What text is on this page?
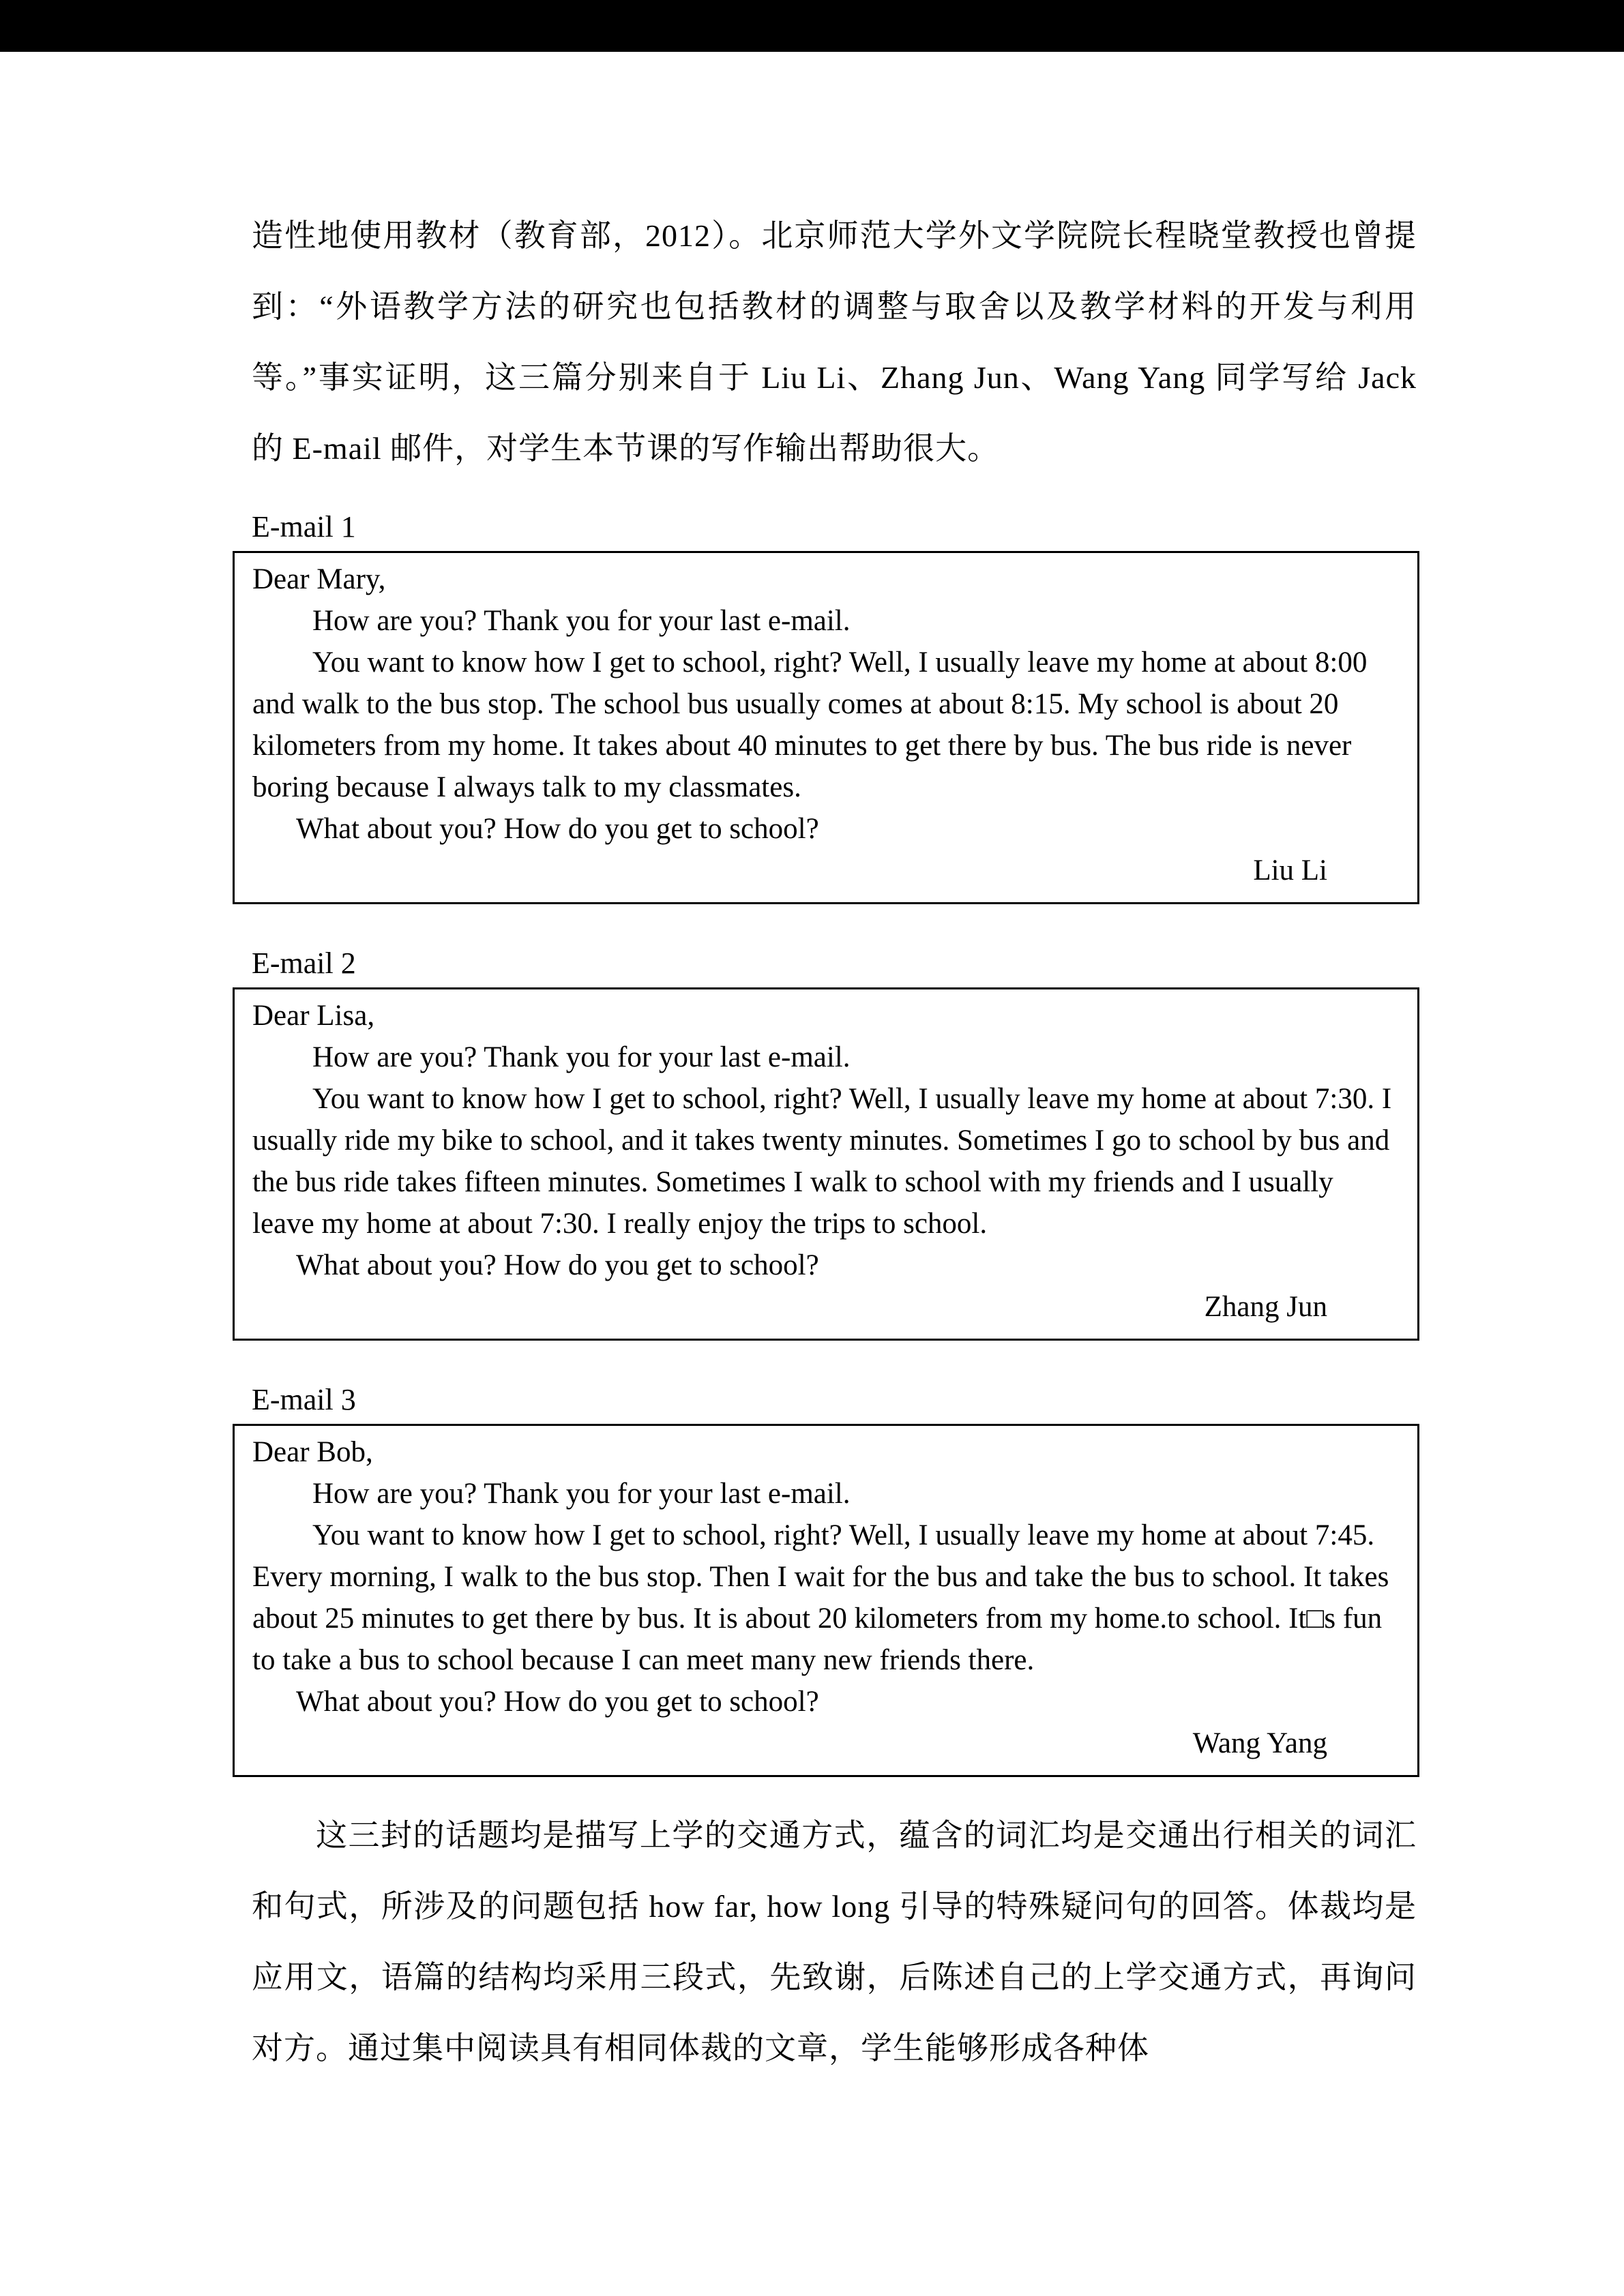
造性地使用教材（教育部，2012）。北京师范大学外文学院院长程晓堂教授也曾提到：“外语教学方法的研究也包括教材的调整与取舍以及教学材料的开发与利用等。”事实证明，这三篇分别来自于 Liu Li、Zhang Jun、Wang Yang 同学写给 Jack 的 E-mail 邮件，对学生本节课的写作输出帮助很大。

E-mail 1

Dear Mary,

How are you? Thank you for your last e-mail.

You want to know how I get to school, right? Well, I usually leave my home at about 8:00 and walk to the bus stop. The school bus usually comes at about 8:15. My school is about 20 kilometers from my home. It takes about 40 minutes to get there by bus. The bus ride is never boring because I always talk to my classmates.

What about you? How do you get to school?

Liu Li

E-mail 2

Dear Lisa,

How are you? Thank you for your last e-mail.

You want to know how I get to school, right? Well, I usually leave my home at about 7:30. I usually ride my bike to school, and it takes twenty minutes. Sometimes I go to school by bus and the bus ride takes fifteen minutes. Sometimes I walk to school with my friends and I usually leave my home at about 7:30. I really enjoy the trips to school.

What about you? How do you get to school?

Zhang Jun

E-mail 3

Dear Bob,

How are you? Thank you for your last e-mail.

You want to know how I get to school, right? Well, I usually leave my home at about 7:45. Every morning, I walk to the bus stop. Then I wait for the bus and take the bus to school. It takes about 25 minutes to get there by bus. It is about 20 kilometers from my home.to school. It□s fun to take a bus to school because I can meet many new friends there.

What about you? How do you get to school?

Wang Yang

这三封的话题均是描写上学的交通方式，蕴含的词汇均是交通出行相关的词汇和句式，所涉及的问题包括 how far, how long 引导的特殊疑问句的回答。体裁均是应用文，语篇的结构均采用三段式，先致谢，后陈述自己的上学交通方式，再询问对方。通过集中阅读具有相同体裁的文章，学生能够形成各种体
